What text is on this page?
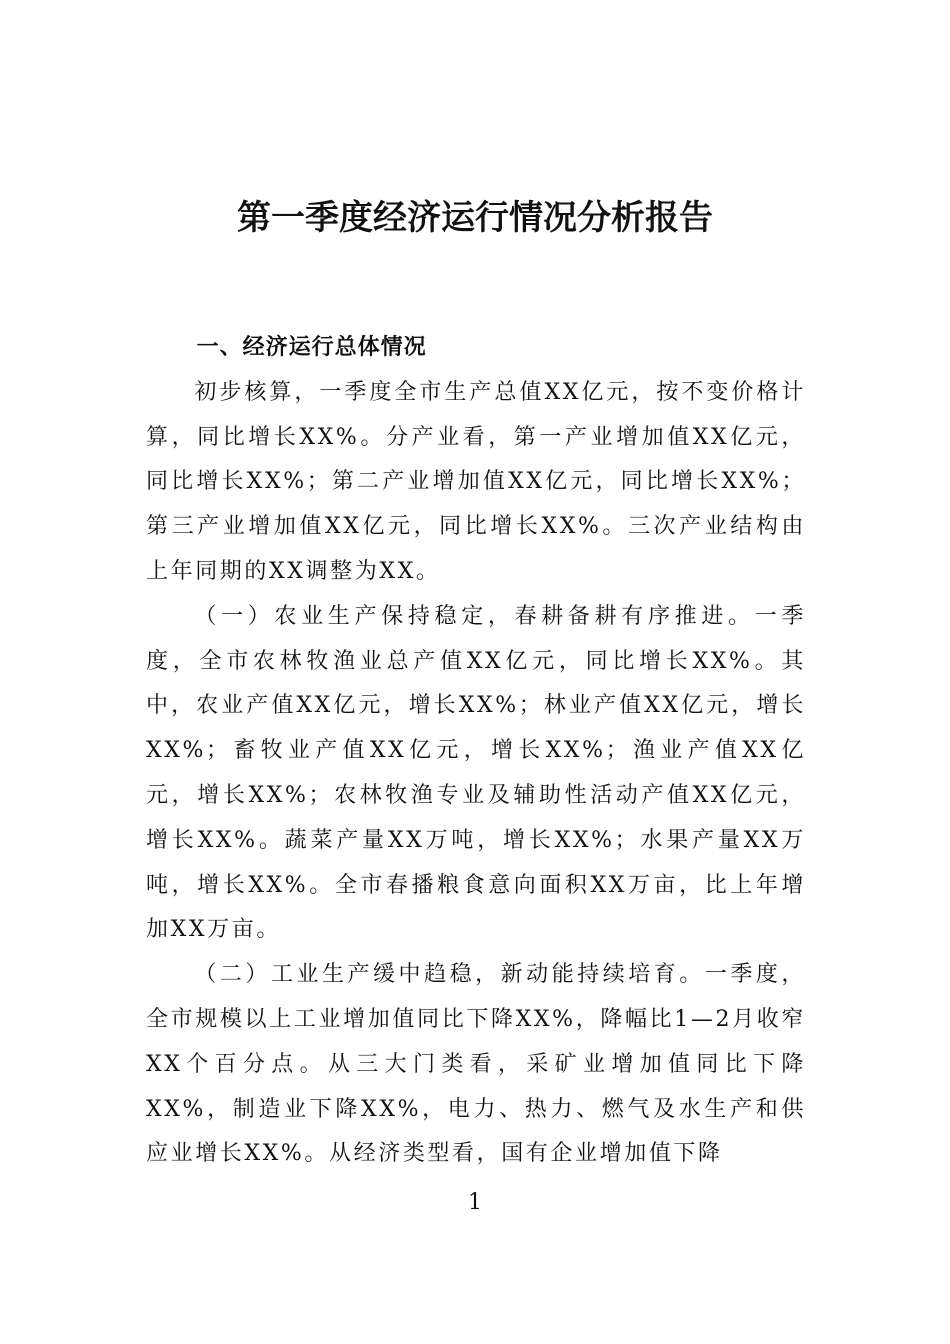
第一季度经济运行情况分析报告
一、经济运行总体情况

初步核算，一季度全市生产总值XX亿元，按不变价格计算，同比增长XX%。分产业看，第一产业增加值XX亿元，同比增长XX%；第二产业增加值XX亿元，同比增长XX%；第三产业增加值XX亿元，同比增长XX%。三次产业结构由上年同期的XX调整为XX。

（一）农业生产保持稳定，春耕备耕有序推进。一季度，全市农林牧渔业总产值XX亿元，同比增长XX%。其中，农业产值XX亿元，增长XX%；林业产值XX亿元，增长XX%；畜牧业产值XX亿元，增长XX%；渔业产值XX亿元，增长XX%；农林牧渔专业及辅助性活动产值XX亿元，增长XX%。蔬菜产量XX万吨，增长XX%；水果产量XX万吨，增长XX%。全市春播粮食意向面积XX万亩，比上年增加XX万亩。

（二）工业生产缓中趋稳，新动能持续培育。一季度，全市规模以上工业增加值同比下降XX%，降幅比1—2月收窄XX个百分点。从三大门类看，采矿业增加值同比下降XX%，制造业下降XX%，电力、热力、燃气及水生产和供应业增长XX%。从经济类型看，国有企业增加值下降

1
